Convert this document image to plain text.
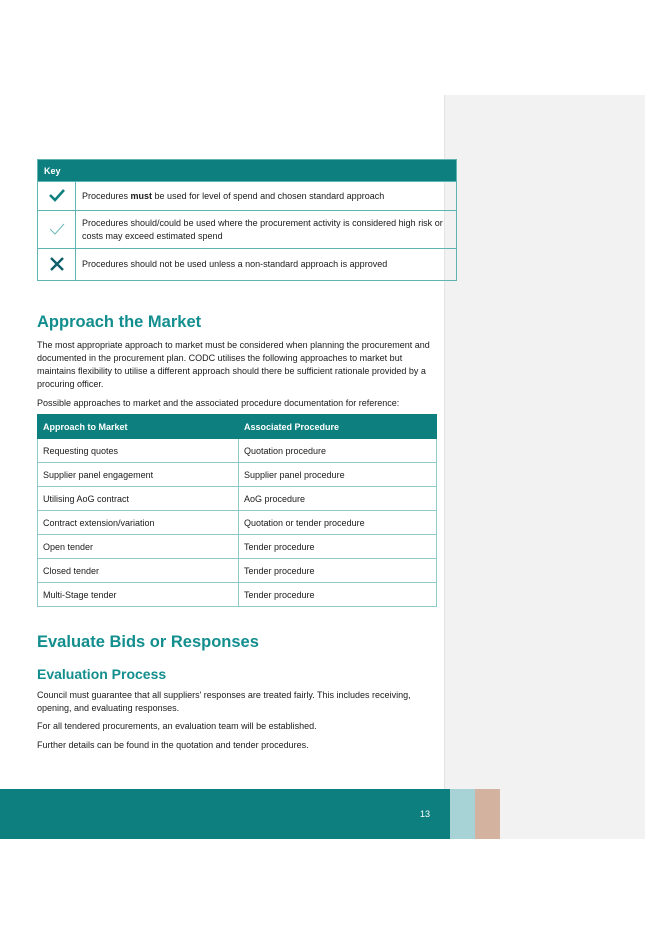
Key	
	Procedures must be used for level of spend and chosen standard approach
	Procedures should/could be used where the procurement activity is considered high risk or costs may exceed estimated spend
	Procedures should not be used unless a non-standard approach is approved
Approach the Market

The most appropriate approach to market must be considered when planning the procurement and documented in the procurement plan. CODC utilises the following approaches to market but maintains flexibility to utilise a different approach should there be sufficient rationale provided by a procuring officer.

Possible approaches to market and the associated procedure documentation for reference:

Approach to Market	Associated Procedure
Requesting quotes	Quotation procedure
Supplier panel engagement	Supplier panel procedure
Utilising AoG contract	AoG procedure
Contract extension/variation	Quotation or tender procedure
Open tender	Tender procedure
Closed tender	Tender procedure
Multi-Stage tender	Tender procedure
Evaluate Bids or Responses
Evaluation Process

Council must guarantee that all suppliers' responses are treated fairly. This includes receiving, opening, and evaluating responses.

For all tendered procurements, an evaluation team will be established.

Further details can be found in the quotation and tender procedures.

13
